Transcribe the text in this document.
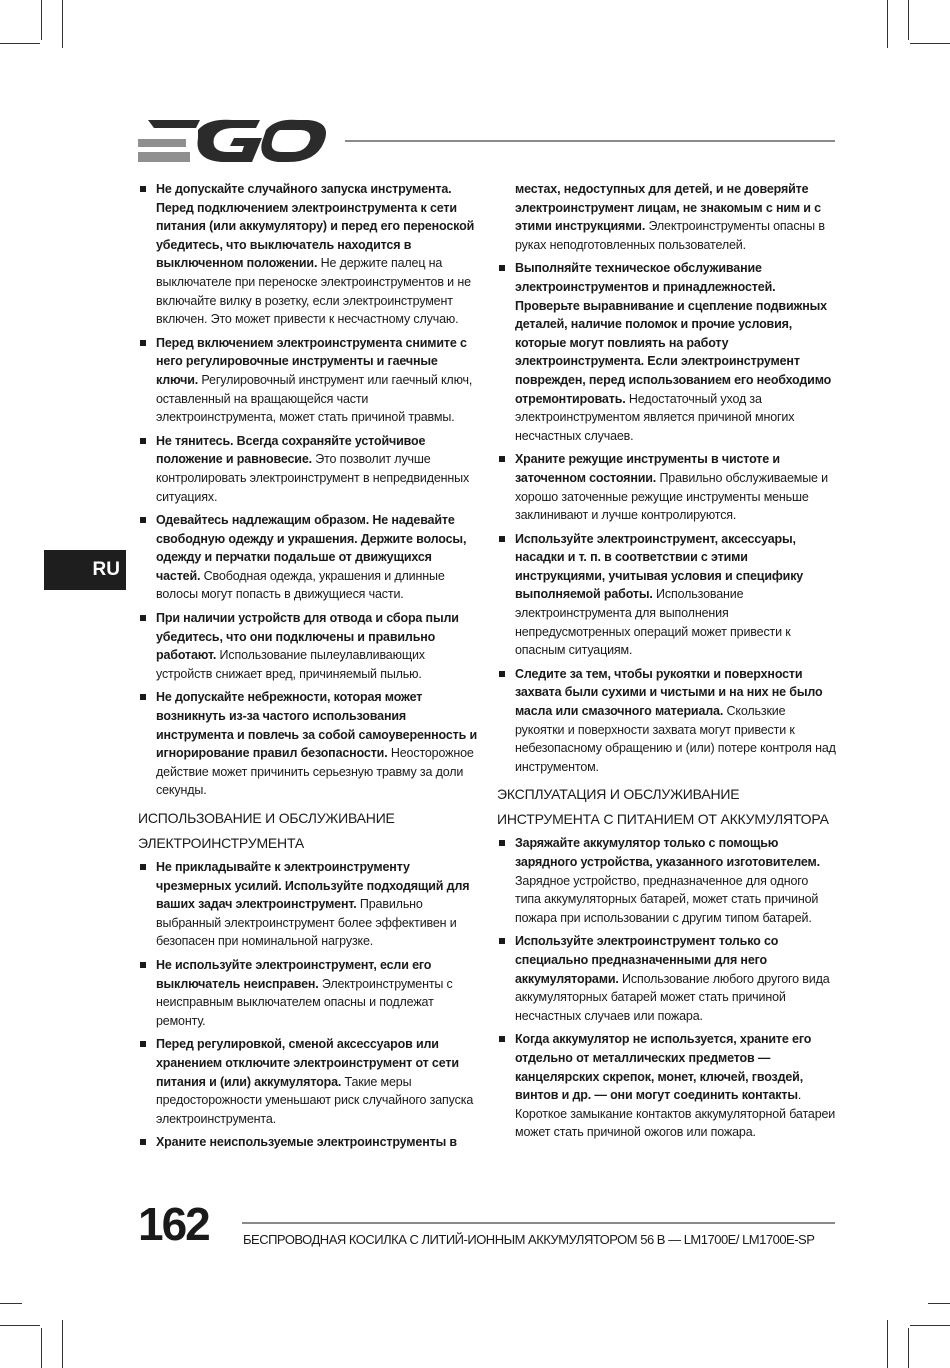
RU
Не допускайте случайного запуска инструмента. Перед подключением электроинструмента к сети питания (или аккумулятору) и перед его переноской убедитесь, что выключатель находится в выключенном положении. Не держите палец на выключателе при переноске электроинструментов и не включайте вилку в розетку, если электроинструмент включен. Это может привести к несчастному случаю.
Перед включением электроинструмента снимите с него регулировочные инструменты и гаечные ключи. Регулировочный инструмент или гаечный ключ, оставленный на вращающейся части электроинструмента, может стать причиной травмы.
Не тянитесь. Всегда сохраняйте устойчивое положение и равновесие. Это позволит лучше контролировать электроинструмент в непредвиденных ситуациях.
Одевайтесь надлежащим образом. Не надевайте свободную одежду и украшения. Держите волосы, одежду и перчатки подальше от движущихся частей. Свободная одежда, украшения и длинные волосы могут попасть в движущиеся части.
При наличии устройств для отвода и сбора пыли убедитесь, что они подключены и правильно работают. Использование пылеулавливающих устройств снижает вред, причиняемый пылью.
Не допускайте небрежности, которая может возникнуть из-за частого использования инструмента и повлечь за собой самоуверенность и игнорирование правил безопасности. Неосторожное действие может причинить серьезную травму за доли секунды.
ИСПОЛЬЗОВАНИЕ И ОБСЛУЖИВАНИЕ ЭЛЕКТРОИНСТРУМЕНТА
Не прикладывайте к электроинструменту чрезмерных усилий. Используйте подходящий для ваших задач электроинструмент. Правильно выбранный электроинструмент более эффективен и безопасен при номинальной нагрузке.
Не используйте электроинструмент, если его выключатель неисправен. Электроинструменты с неисправным выключателем опасны и подлежат ремонту.
Перед регулировкой, сменой аксессуаров или хранением отключите электроинструмент от сети питания и (или) аккумулятора. Такие меры предосторожности уменьшают риск случайного запуска электроинструмента.
Храните неиспользуемые электроинструменты в
местах, недоступных для детей, и не доверяйте электроинструмент лицам, не знакомым с ним и с этими инструкциями. Электроинструменты опасны в руках неподготовленных пользователей.
Выполняйте техническое обслуживание электроинструментов и принадлежностей. Проверьте выравнивание и сцепление подвижных деталей, наличие поломок и прочие условия, которые могут повлиять на работу электроинструмента. Если электроинструмент поврежден, перед использованием его необходимо отремонтировать. Недостаточный уход за электроинструментом является причиной многих несчастных случаев.
Храните режущие инструменты в чистоте и заточенном состоянии. Правильно обслуживаемые и хорошо заточенные режущие инструменты меньше заклинивают и лучше контролируются.
Используйте электроинструмент, аксессуары, насадки и т. п. в соответствии с этими инструкциями, учитывая условия и специфику выполняемой работы. Использование электроинструмента для выполнения непредусмотренных операций может привести к опасным ситуациям.
Следите за тем, чтобы рукоятки и поверхности захвата были сухими и чистыми и на них не было масла или смазочного материала. Скользкие рукоятки и поверхности захвата могут привести к небезопасному обращению и (или) потере контроля над инструментом.
ЭКСПЛУАТАЦИЯ И ОБСЛУЖИВАНИЕ ИНСТРУМЕНТА С ПИТАНИЕМ ОТ АККУМУЛЯТОРА
Заряжайте аккумулятор только с помощью зарядного устройства, указанного изготовителем. Зарядное устройство, предназначенное для одного типа аккумуляторных батарей, может стать причиной пожара при использовании с другим типом батарей.
Используйте электроинструмент только со специально предназначенными для него аккумуляторами. Использование любого другого вида аккумуляторных батарей может стать причиной несчастных случаев или пожара.
Когда аккумулятор не используется, храните его отдельно от металлических предметов — канцелярских скрепок, монет, ключей, гвоздей, винтов и др. — они могут соединить контакты. Короткое замыкание контактов аккумуляторной батареи может стать причиной ожогов или пожара.
162	БЕСПРОВОДНАЯ КОСИЛКА С ЛИТИЙ-ИОННЫМ АККУМУЛЯТОРОМ 56 В — LM1700E/ LM1700E-SP
